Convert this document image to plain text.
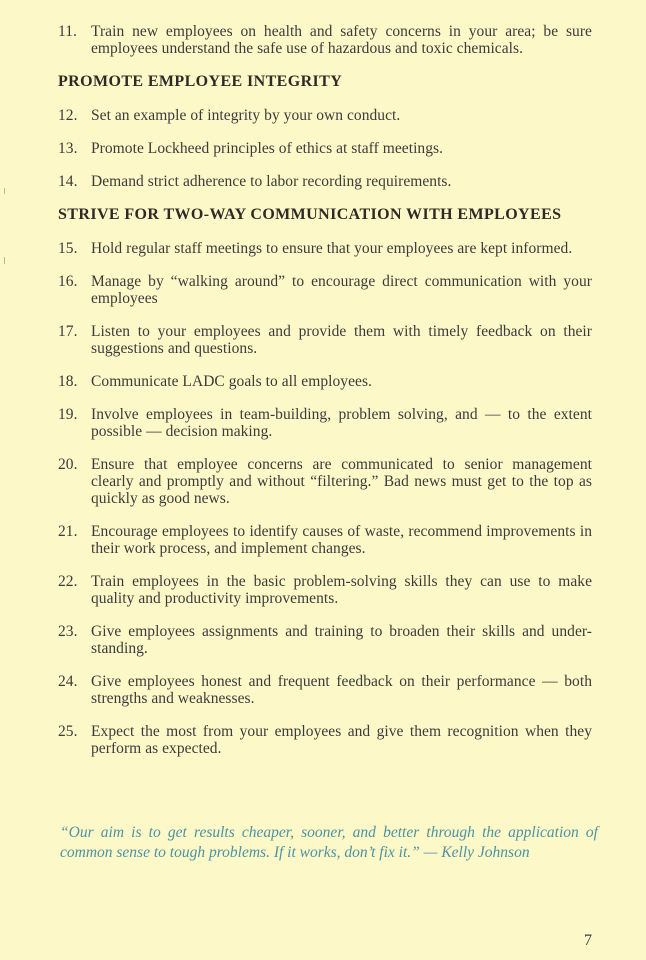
11. Train new employees on health and safety concerns in your area; be sure employees understand the safe use of hazardous and toxic chemicals.
PROMOTE EMPLOYEE INTEGRITY
12. Set an example of integrity by your own conduct.
13. Promote Lockheed principles of ethics at staff meetings.
14. Demand strict adherence to labor recording requirements.
STRIVE FOR TWO-WAY COMMUNICATION WITH EMPLOYEES
15. Hold regular staff meetings to ensure that your employees are kept informed.
16. Manage by “walking around” to encourage direct communication with your employees
17. Listen to your employees and provide them with timely feedback on their suggestions and questions.
18. Communicate LADC goals to all employees.
19. Involve employees in team-building, problem solving, and — to the extent possible — decision making.
20. Ensure that employee concerns are communicated to senior management clearly and promptly and without “filtering.” Bad news must get to the top as quickly as good news.
21. Encourage employees to identify causes of waste, recommend improvements in their work process, and implement changes.
22. Train employees in the basic problem-solving skills they can use to make quality and productivity improvements.
23. Give employees assignments and training to broaden their skills and under-standing.
24. Give employees honest and frequent feedback on their performance — both strengths and weaknesses.
25. Expect the most from your employees and give them recognition when they perform as expected.
“Our aim is to get results cheaper, sooner, and better through the application of common sense to tough problems. If it works, don’t fix it.” — Kelly Johnson
7
